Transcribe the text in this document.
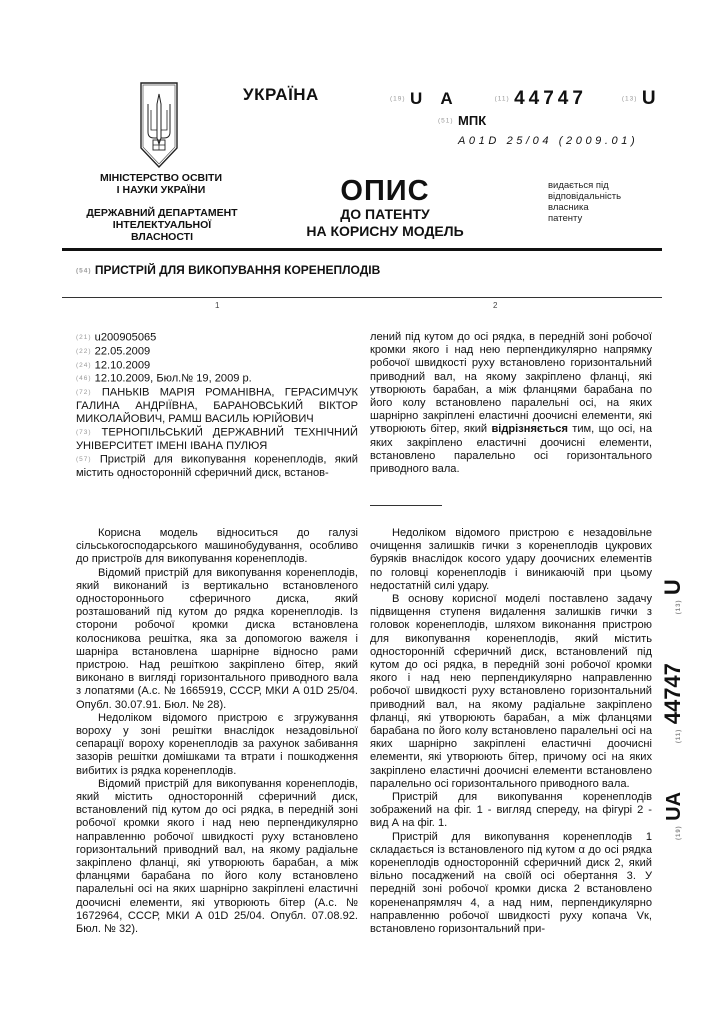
МІНІСТЕРСТВО ОСВІТИ
І НАУКИ УКРАЇНИ
ДЕРЖАВНИЙ ДЕПАРТАМЕНТ
ІНТЕЛЕКТУАЛЬНОЇ
ВЛАСНОСТІ
УКРАЇНА	(19) U A	(11) 44747	(13) U
(51) МПК
A01D 25/04 (2009.01)
ОПИС
ДО ПАТЕНТУ
НА КОРИСНУ МОДЕЛЬ
видається під
відповідальність
власника
патенту
(54) ПРИСТРІЙ ДЛЯ ВИКОПУВАННЯ КОРЕНЕПЛОДІВ
1	2

(21) u200905065

(22) 22.05.2009

(24) 12.10.2009

(46) 12.10.2009, Бюл.№ 19, 2009 р.

(72) ПАНЬКІВ МАРІЯ РОМАНІВНА, ГЕРАСИМЧУК ГАЛИНА АНДРІЇВНА, БАРАНОВСЬКИЙ ВІКТОР МИКОЛАЙОВИЧ, РАМШ ВАСИЛЬ ЮРІЙОВИЧ

(73) ТЕРНОПІЛЬСЬКИЙ ДЕРЖАВНИЙ ТЕХНІЧНИЙ УНІВЕРСИТЕТ ІМЕНІ ІВАНА ПУЛЮЯ

(57) Пристрій для викопування коренеплодів, який містить односторонній сферичний диск, встанов-

лений під кутом до осі рядка, в передній зоні робочої кромки якого і над нею перпендикулярно напрямку робочої швидкості руху встановлено горизонтальний приводний вал, на якому закріплено фланці, які утворюють барабан, а між фланцями барабана по його колу встановлено паралельні осі, на яких шарнірно закріплені еластичні доочисні елементи, які утворюють бітер, який відрізняється тим, що осі, на яких закріплено еластичні доочисні елементи, встановлено паралельно осі горизонтального приводного вала.

Корисна модель відноситься до галузі сільськогосподарського машинобудування, особливо до пристроїв для викопування коренеплодів.

Відомий пристрій для викопування коренеплодів, який виконаний із вертикально встановленого одностороннього сферичного диска, який розташований під кутом до рядка коренеплодів. Із сторони робочої кромки диска встановлена колосникова решітка, яка за допомогою важеля і шарніра встановлена шарнірне відносно рами пристрою. Над решіткою закріплено бітер, який виконано в вигляді горизонтального приводного вала з лопатями (А.с. № 1665919, СССР, МКИ А 01D 25/04. Опубл. 30.07.91. Бюл. № 28).

Недоліком відомого пристрою є згружування вороху у зоні решітки внаслідок незадовільної сепарації вороху коренеплодів за рахунок забивання зазорів решітки домішками та втрати і пошкодження вибитих із рядка коренеплодів.

Відомий пристрій для викопування коренеплодів, який містить односторонній сферичний диск, встановлений під кутом до осі рядка, в передній зоні робочої кромки якого і над нею перпендикулярно направленню робочої швидкості руху встановлено горизонтальний приводний вал, на якому радіальне закріплено фланці, які утворюють барабан, а між фланцями барабана по його колу встановлено паралельні осі на яких шарнірно закріплені еластичні доочисні елементи, які утворюють бітер (А.с. № 1672964, СССР, МКИ А 01D 25/04. Опубл. 07.08.92. Бюл. № 32).

Недоліком відомого пристрою є незадовільне очищення залишків гички з коренеплодів цукрових буряків внаслідок косого удару доочисних елементів по головці коренеплодів і виникаючій при цьому недостатній силі удару.

В основу корисної моделі поставлено задачу підвищення ступеня видалення залишків гички з головок коренеплодів, шляхом виконання пристрою для викопування коренеплодів, який містить односторонній сферичний диск, встановлений під кутом до осі рядка, в передній зоні робочої кромки якого і над нею перпендикулярно направленню робочої швидкості руху встановлено горизонтальний приводний вал, на якому радіальне закріплено фланці, які утворюють барабан, а між фланцями барабана по його колу встановлено паралельні осі на яких шарнірно закріплені еластичні доочисні елементи, які утворюють бітер, причому осі на яких закріплено еластичні доочисні елементи встановлено паралельно осі горизонтального приводного вала.

Пристрій для викопування коренеплодів зображений на фіг. 1 - вигляд спереду, на фігурі 2 - вид А на фіг. 1.

Пристрій для викопування коренеплодів 1 складається із встановленого під кутом α до осі рядка коренеплодів односторонній сферичний диск 2, який вільно посаджений на своїй осі обертання 3. У передній зоні робочої кромки диска 2 встановлено корененапрямляч 4, а над ним, перпендикулярно направленню робочої швидкості руху копача Vк, встановлено горизонтальний при-

(19) UA  (11) 44747  (13) U
